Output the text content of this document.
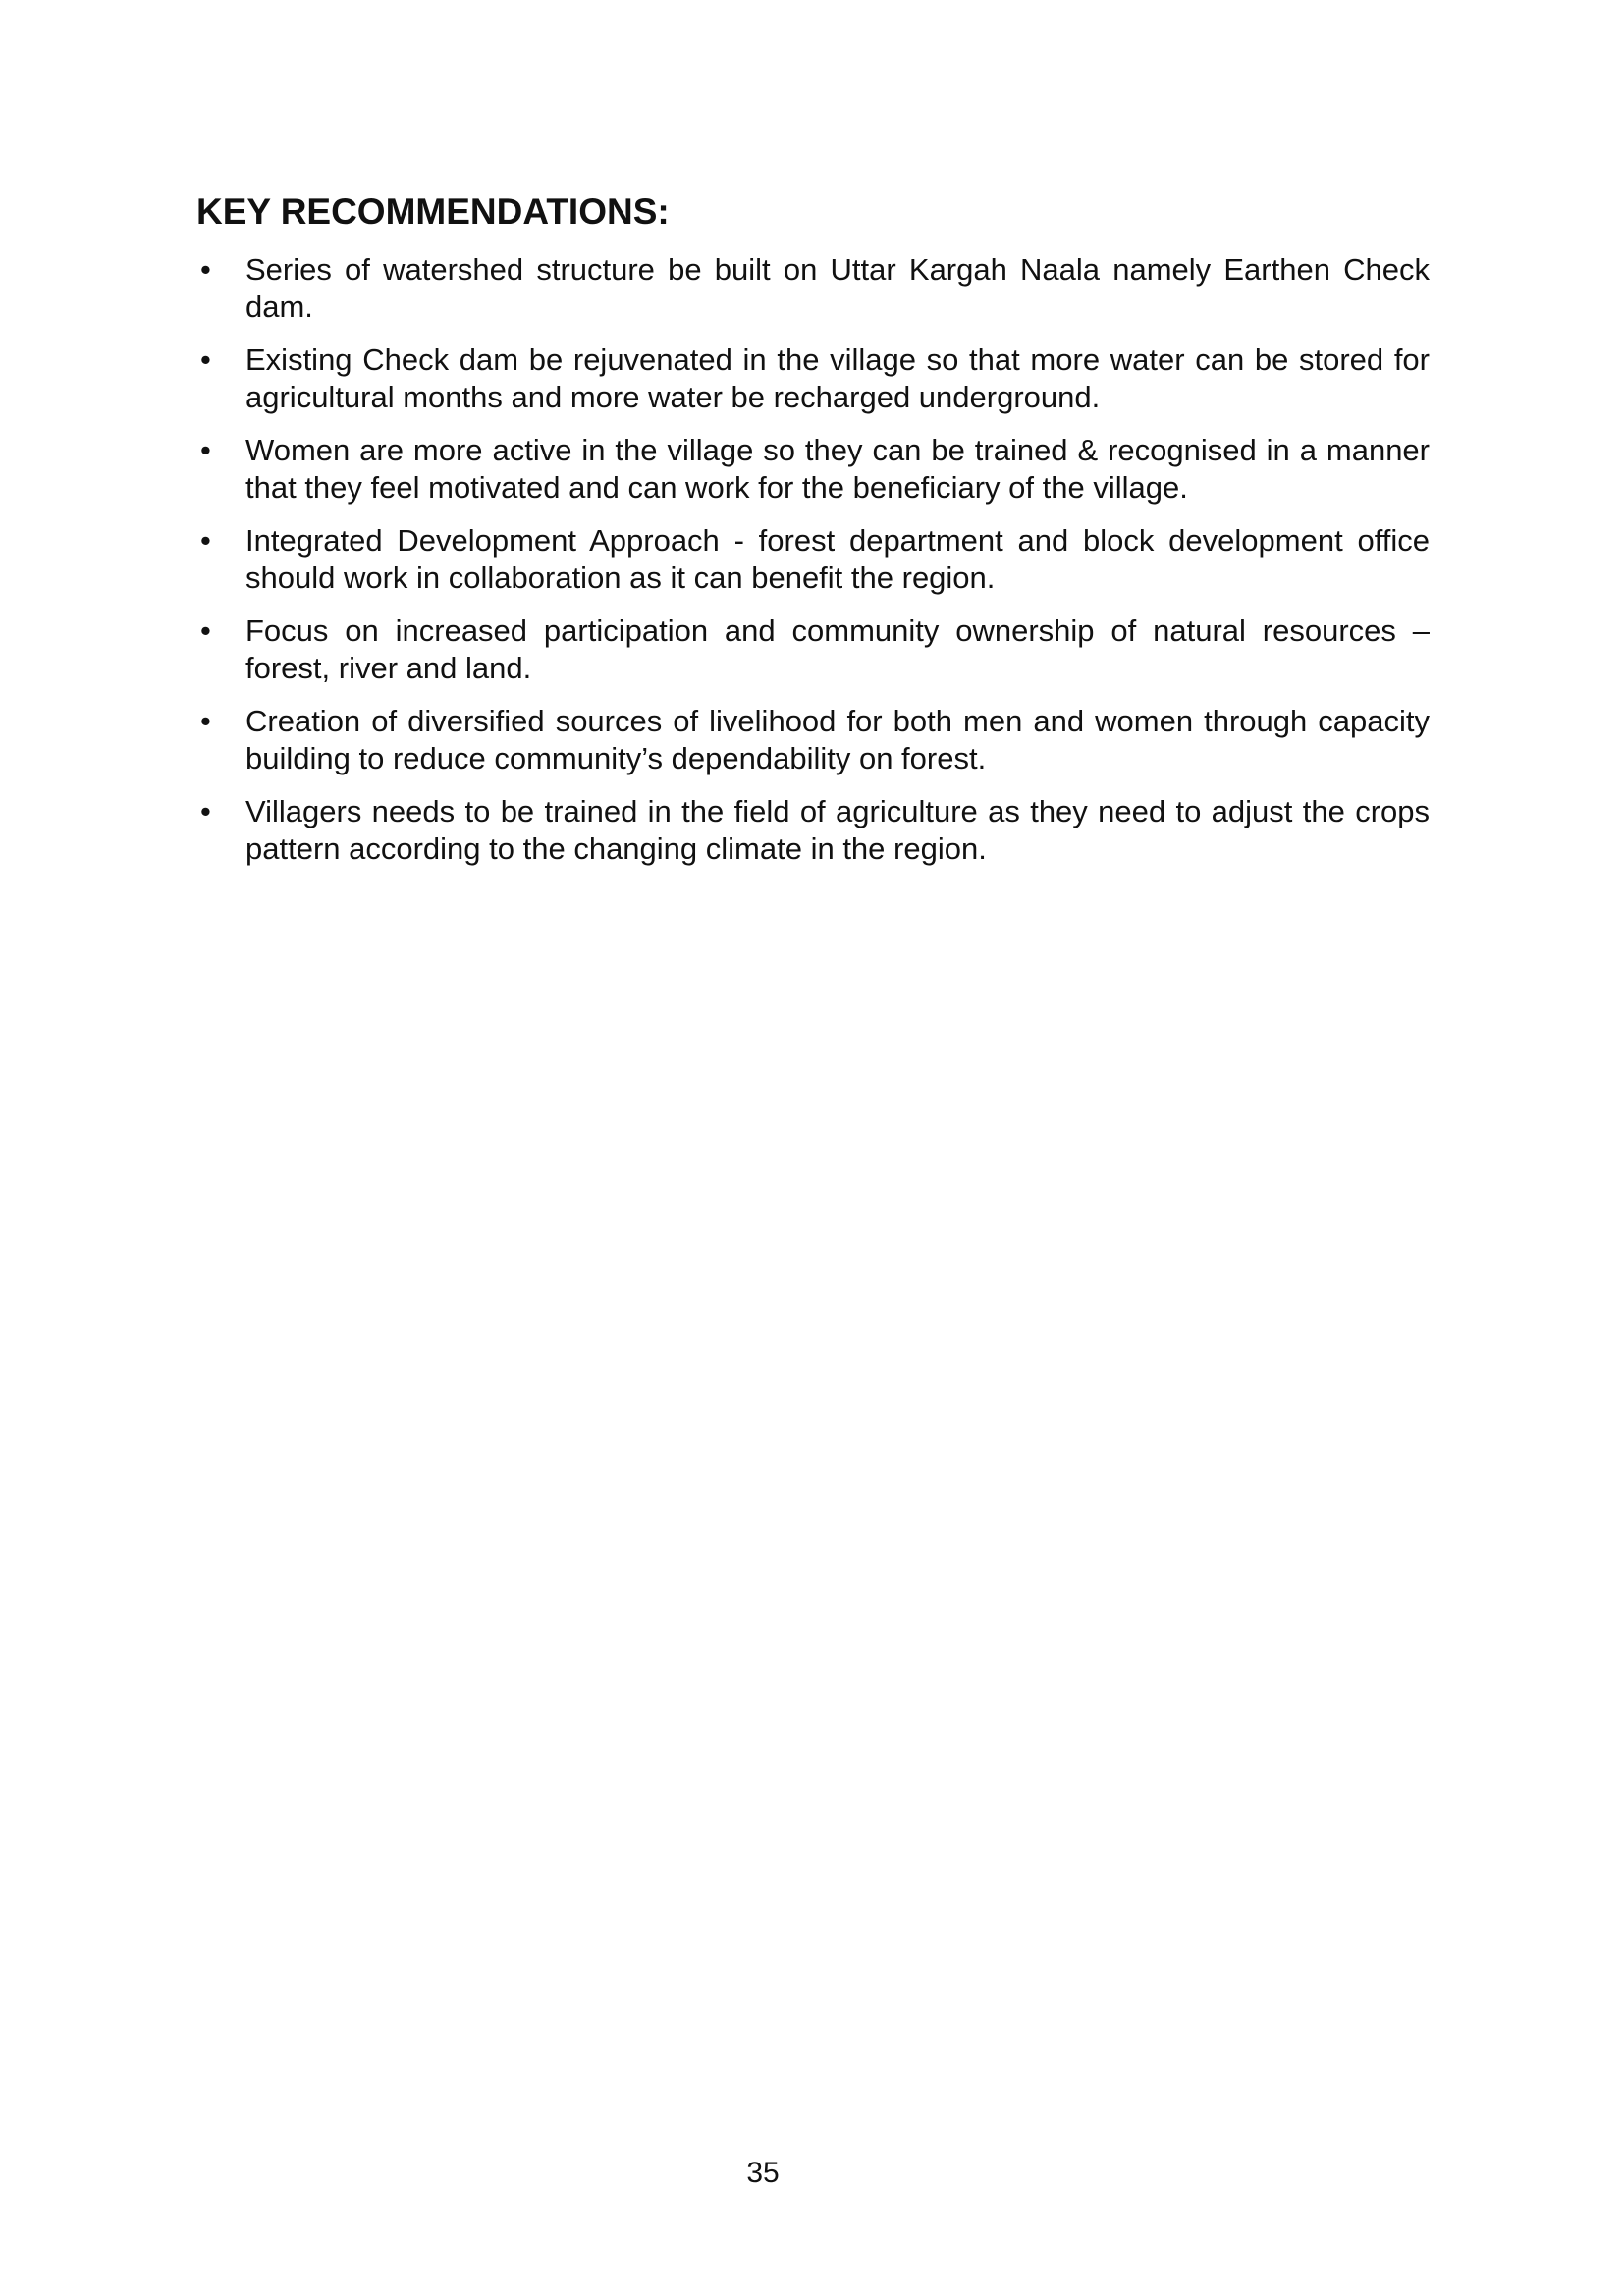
KEY RECOMMENDATIONS:
• Series of watershed structure be built on Uttar Kargah Naala namely Earthen Check dam.
• Existing Check dam be rejuvenated in the village so that more water can be stored for agricultural months and more water be recharged underground.
• Women are more active in the village so they can be trained & recognised in a manner that they feel motivated and can work for the beneficiary of the village.
• Integrated Development Approach - forest department and block development office should work in collaboration as it can benefit the region.
• Focus on increased participation and community ownership of natural resources – forest, river and land.
• Creation of diversified sources of livelihood for both men and women through capacity building to reduce community’s dependability on forest.
• Villagers needs to be trained in the field of agriculture as they need to adjust the crops pattern according to the changing climate in the region.
35
